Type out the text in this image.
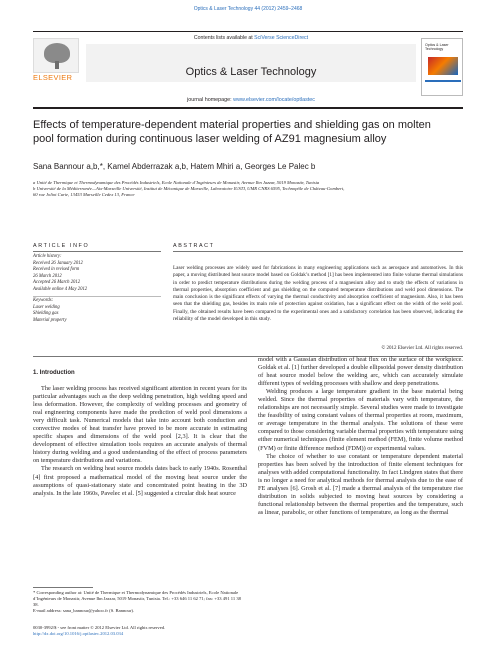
Optics & Laser Technology 44 (2012) 2459–2468
ELSEVIER
Contents lists available at SciVerse ScienceDirect
Optics & Laser Technology
journal homepage: www.elsevier.com/locate/optlastec
Optics & Laser Technology
Effects of temperature-dependent material properties and shielding gas on molten pool formation during continuous laser welding of AZ91 magnesium alloy
Sana Bannour a,b,*, Kamel Abderrazak a,b, Hatem Mhiri a, Georges Le Palec b
a Unité de Thermique et Thermodynamique des Procédés Industriels, Ecole Nationale d’Ingénieurs de Monastir, Avenue Ibn Jazzar, 5019 Monastir, Tunisia
b Université de la Méditerranée—Aix-Marseille Université, Institut de Mécanique de Marseille, Laboratoire IUSTI, UMR CNRS 6595, Technopôle de Château-Gombert,
60 rue Joliot Curie, 13453 Marseille Cedex 13, France
ARTICLE INFO
Article history:
Received 26 January 2012
Received in revised form
26 March 2012
Accepted 26 March 2012
Available online 4 May 2012
Keywords:
Laser welding
Shielding gas
Material property
ABSTRACT
Laser welding processes are widely used for fabrications in many engineering applications such as aerospace and automotives. In this paper, a moving distributed heat source model based on Goldak’s method [1] has been implemented into finite volume thermal simulations in order to predict temperature distributions during the welding process of a magnesium alloy and to study the effects of variations in thermal properties, absorption coefficient and gas shielding on the computed temperature distributions and weld pool dimensions. The main conclusion is the significant effects of varying the thermal conductivity and absorption coefficient of magnesium. Also, it has been seen that the shielding gas, besides its main role of protection against oxidation, has a significant effect on the width of the weld pool. Finally, the obtained results have been compared to the experimental ones and a satisfactory correlation has been observed, indicating the reliability of the model developed in this study.
© 2012 Elsevier Ltd. All rights reserved.
1. Introduction

The laser welding process has received significant attention in recent years for its particular advantages such as the deep welding penetration, high welding speed and less deformation. However, the complexity of welding processes and geometry of real engineering components have made the prediction of weld pool dimensions a very difficult task. Numerical models that take into account both conduction and convective modes of heat transfer have proved to be more accurate in estimating specific shapes and dimensions of the weld pool [2,3]. It is clear that the development of effective simulation tools requires an accurate analysis of thermal history during welding and a good understanding of the effect of process parameters on temperature distributions and variations.

The research on welding heat source models dates back to early 1940s. Rosenthal [4] first proposed a mathematical model of the moving heat source under the assumptions of quasi-stationary state and concentrated point heating in the 3D analysis. In the late 1960s, Pavelec et al. [5] suggested a circular disk heat source

model with a Gaussian distribution of heat flux on the surface of the workpiece. Goldak et al. [1] further developed a double ellipsoidal power density distribution of heat source model below the welding arc, which can accurately simulate different types of welding processes with shallow and deep penetrations.

Welding produces a large temperature gradient in the base material being welded. Since the thermal properties of materials vary with temperature, the relationships are not necessarily simple. Several studies were made to investigate the feasibility of using constant values of thermal properties at room, maximum, or average temperature in the thermal analysis. The solutions of these were compared to those considering variable thermal properties with temperature using either numerical techniques (finite element method (FEM), finite volume method (FVM) or finite difference method (FDM)) or experimental values.

The choice of whether to use constant or temperature dependent material properties has been solved by the introduction of finite element techniques for analyses with added computational functionality. In fact Lindgren states that there is no longer a need for analytical methods for thermal analysis due to the ease of FE analyses [6]. Grosh et al. [7] made a thermal analysis of the temperature rise distribution in solids subjected to moving heat sources by considering a functional relationship between the thermal properties and the temperature, such as linear, parabolic, or other functions of temperature, as long as the thermal

* Corresponding author at: Unité de Thermique et Thermodynamique des Procédés Industriels, Ecole Nationale d’Ingénieurs de Monastir, Avenue Ibn Jazzar, 5019 Monastir, Tunisia. Tel.: +33 646 11 62 71; fax: +33 491 11 38 38.
E-mail address: sana_bannour@yahoo.fr (S. Bannour).
0030-3992/$ - see front matter © 2012 Elsevier Ltd. All rights reserved.
http://dx.doi.org/10.1016/j.optlastec.2012.03.034
